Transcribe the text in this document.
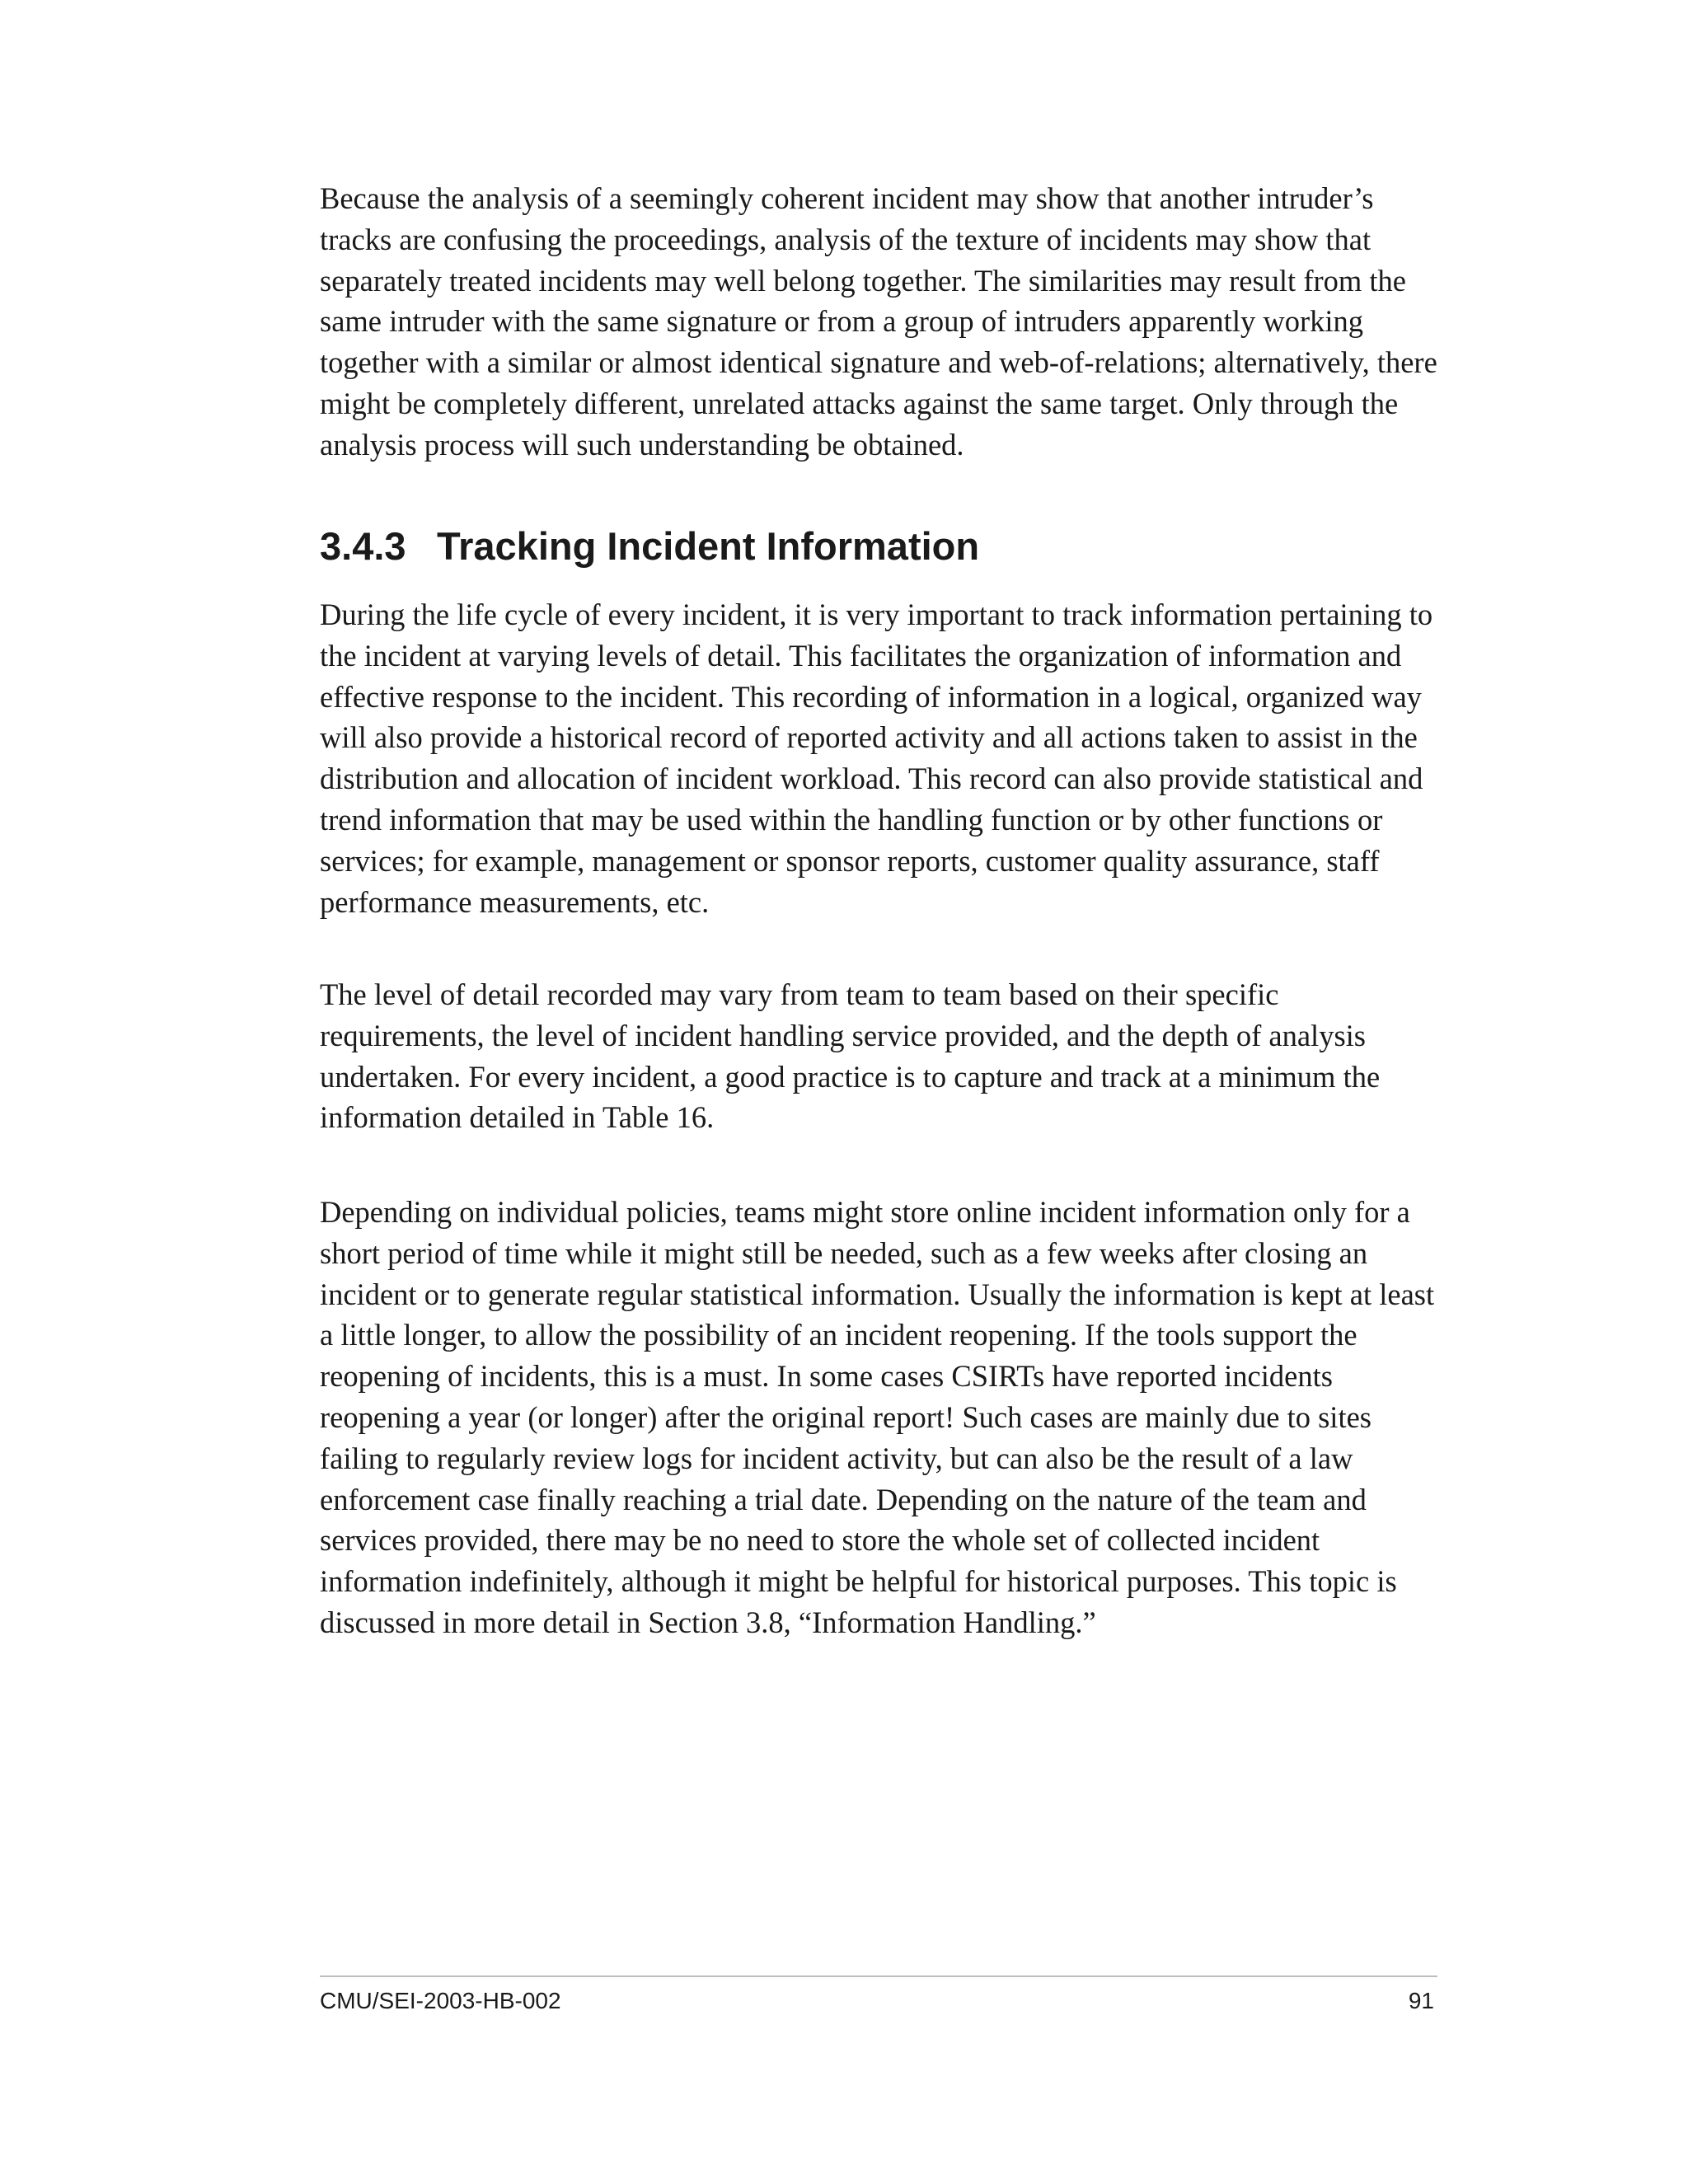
Because the analysis of a seemingly coherent incident may show that another intruder’s
tracks are confusing the proceedings, analysis of the texture of incidents may show that
separately treated incidents may well belong together. The similarities may result from the
same intruder with the same signature or from a group of intruders apparently working
together with a similar or almost identical signature and web-of-relations; alternatively, there
might be completely different, unrelated attacks against the same target. Only through the
analysis process will such understanding be obtained.

3.4.3 Tracking Incident Information

During the life cycle of every incident, it is very important to track information pertaining to
the incident at varying levels of detail. This facilitates the organization of information and
effective response to the incident. This recording of information in a logical, organized way
will also provide a historical record of reported activity and all actions taken to assist in the
distribution and allocation of incident workload. This record can also provide statistical and
trend information that may be used within the handling function or by other functions or
services; for example, management or sponsor reports, customer quality assurance, staff
performance measurements, etc.

The level of detail recorded may vary from team to team based on their specific
requirements, the level of incident handling service provided, and the depth of analysis
undertaken. For every incident, a good practice is to capture and track at a minimum the
information detailed in Table 16.

Depending on individual policies, teams might store online incident information only for a
short period of time while it might still be needed, such as a few weeks after closing an
incident or to generate regular statistical information. Usually the information is kept at least
a little longer, to allow the possibility of an incident reopening. If the tools support the
reopening of incidents, this is a must. In some cases CSIRTs have reported incidents
reopening a year (or longer) after the original report! Such cases are mainly due to sites
failing to regularly review logs for incident activity, but can also be the result of a law
enforcement case finally reaching a trial date. Depending on the nature of the team and
services provided, there may be no need to store the whole set of collected incident
information indefinitely, although it might be helpful for historical purposes. This topic is
discussed in more detail in Section 3.8, “Information Handling.”

CMU/SEI-2003-HB-002	91
